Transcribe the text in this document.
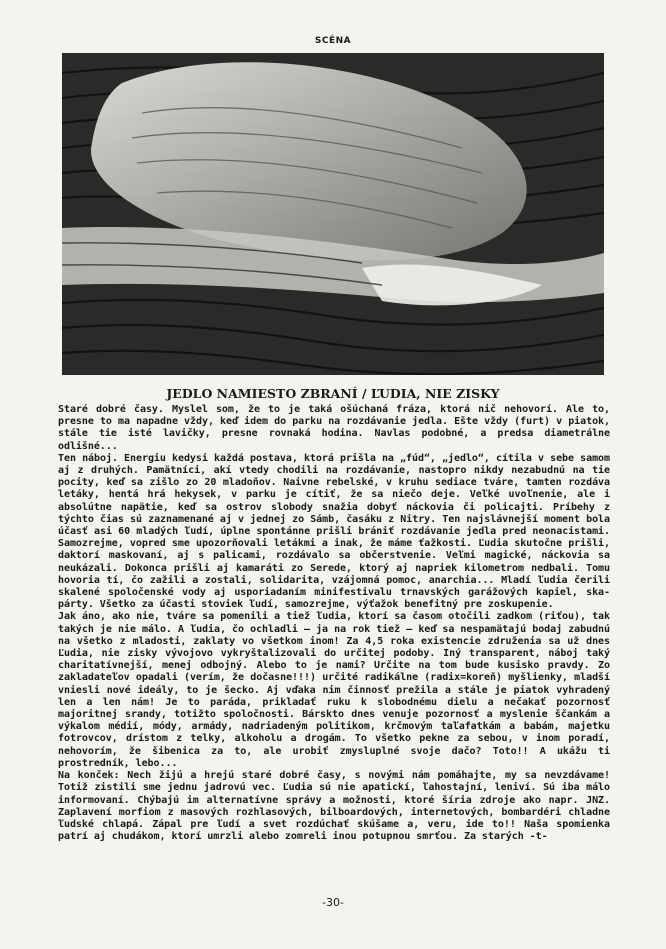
SCÉNA
JEDLO NAMIESTO ZBRANÍ / ĽUDIA, NIE ZISKY

Staré dobré časy. Myslel som, že to je taká ošúchaná fráza, ktorá nič nehovorí. Ale to, presne to ma napadne vždy, keď idem do parku na rozdávanie jedla. Ešte vždy (furt) v piatok, stále tie isté lavičky, presne rovnaká hodina. Navlas podobné, a predsa diametrálne odlišné...

Ten náboj. Energiu kedysi každá postava, ktorá prišla na „fúd“, „jedlo“, cítila v sebe samom aj z druhých. Pamätníci, akí vtedy chodili na rozdávanie, nastopro nikdy nezabudnú na tie pocity, keď sa zišlo zo 20 mladoňov. Naivne rebelské, v kruhu sediace tváre, tamten rozdáva letáky, hentá hrá hekysek, v parku je cítiť, že sa niečo deje. Veľké uvoľnenie, ale i absolútne napätie, keď sa ostrov slobody snažia dobyť náckovia či policajti. Príbehy z týchto čias sú zaznamenané aj v jednej zo Sámb, časáku z Nitry. Ten najslávnejší moment bola účasť asi 60 mladých ľudí, úplne spontánne prišli brániť rozdávanie jedla pred neonacistami. Samozrejme, vopred sme upozorňovali letákmi a inak, že máme ťažkosti. Ľudia skutočne prišli, daktorí maskovaní, aj s palicami, rozdávalo sa občerstvenie. Veľmi magické, náckovia sa neukázali. Dokonca prišli aj kamaráti zo Serede, ktorý aj napriek kilometrom nedbali. Tomu hovoria tí, čo zažili a zostali, solidarita, vzájomná pomoc, anarchia... Mladí ľudia čerili skalené spoločenské vody aj usporiadaním minifestivalu trnavských garážových kapiel, ska-párty. Všetko za účasti stoviek ľudí, samozrejme, výťažok benefitný pre zoskupenie.

Jak áno, ako nie, tváre sa pomenili a tiež ľudia, ktorí sa časom otočili zadkom (riťou), tak takých je nie málo. A ľudia, čo ochladli – ja na rok tiež – keď sa nespamätajú bodaj zabudnú na všetko z mladosti, zaklaty vo všetkom inom! Za 4,5 roka existencie združenia sa už dnes Ľudia, nie zisky vývojovo vykryštalizovali do určitej podoby. Iný transparent, náboj taký charitatívnejší, menej odbojný. Alebo to je nami? Určite na tom bude kusisko pravdy. Zo zakladateľov opadali (verím, že dočasne!!!) určité radikálne (radix=koreň) myšlienky, mladší vniesli nové ideály, to je šecko. Aj vďaka nim činnosť prežila a stále je piatok vyhradený len a len nám! Je to paráda, prikladať ruku k slobodnému dielu a nečakať pozornosť majoritnej srandy, totižto spoločnosti. Bárskto dnes venuje pozornosť a myslenie ščankám a výkalom médií, módy, armády, nadriadeným politikom, krčmovým taľafatkám a babám, majetku fotrovcov, drístom z telky, alkoholu a drogám. To všetko pekne za sebou, v inom poradí, nehovorím, že šibenica za to, ale urobiť zmysluplné svoje dačo? Toto!! A ukážu ti prostredník, lebo...

Na konček: Nech žijú a hrejú staré dobré časy, s novými nám pomáhajte, my sa nevzdávame! Totiž zistili sme jednu jadrovú vec. Ľudia sú nie apatickí, ľahostajní, leniví. Sú iba málo informovaní. Chýbajú im alternatívne správy a možnosti, ktoré šíria zdroje ako napr. JNZ. Zaplavení morfiom z masových rozhlasových, bilboardových, internetových, bombardéri chladne ľudské chlapá. Zápal pre ľudí a svet rozdúchať skúšame a, veru, ide to!! Naša spomienka patrí aj chudákom, ktorí umrzli alebo zomreli inou potupnou smrťou. Za starých -t-

-30-
